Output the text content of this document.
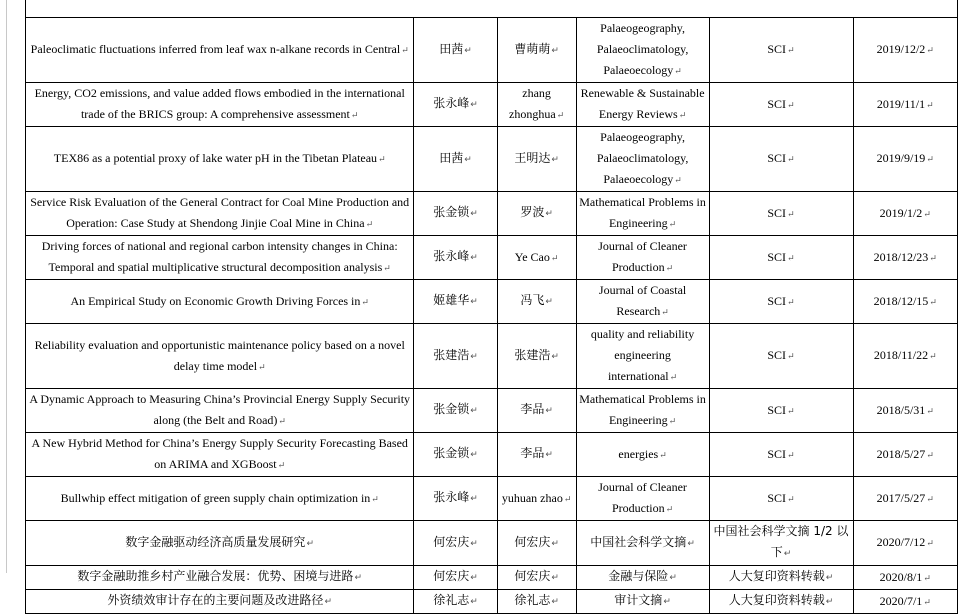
Paleoclimatic fluctuations inferred from leaf wax n-alkane records in Central↵	田茜↵	曹萌萌↵	Palaeogeography, Palaeoclimatology, Palaeoecology↵	SCI↵	2019/12/2↵
Energy, CO2 emissions, and value added flows embodied in the international trade of the BRICS group: A comprehensive assessment↵	张永峰↵	zhang zhonghua↵	Renewable & Sustainable Energy Reviews↵	SCI↵	2019/11/1↵
TEX86 as a potential proxy of lake water pH in the Tibetan Plateau↵	田茜↵	王明达↵	Palaeogeography, Palaeoclimatology, Palaeoecology↵	SCI↵	2019/9/19↵
Service Risk Evaluation of the General Contract for Coal Mine Production and Operation: Case Study at Shendong Jinjie Coal Mine in China↵	张金锁↵	罗波↵	Mathematical Problems in Engineering↵	SCI↵	2019/1/2↵
Driving forces of national and regional carbon intensity changes in China: Temporal and spatial multiplicative structural decomposition analysis↵	张永峰↵	Ye Cao↵	Journal of Cleaner Production↵	SCI↵	2018/12/23↵
An Empirical Study on Economic Growth Driving Forces in↵	姬雄华↵	冯飞↵	Journal of Coastal Research↵	SCI↵	2018/12/15↵
Reliability evaluation and opportunistic maintenance policy based on a novel delay time model↵	张建浩↵	张建浩↵	quality and reliability engineering international↵	SCI↵	2018/11/22↵
A Dynamic Approach to Measuring China’s Provincial Energy Supply Security along (the Belt and Road)↵	张金锁↵	李品↵	Mathematical Problems in Engineering↵	SCI↵	2018/5/31↵
A New Hybrid Method for China’s Energy Supply Security Forecasting Based on ARIMA and XGBoost↵	张金锁↵	李品↵	energies↵	SCI↵	2018/5/27↵
Bullwhip effect mitigation of green supply chain optimization in↵	张永峰↵	yuhuan zhao↵	Journal of Cleaner Production↵	SCI↵	2017/5/27↵
数字金融驱动经济高质量发展研究↵	何宏庆↵	何宏庆↵	中国社会科学文摘↵	中国社会科学文摘 1/2 以下↵	2020/7/12↵
数字金融助推乡村产业融合发展：优势、困境与进路↵	何宏庆↵	何宏庆↵	金融与保险↵	人大复印资料转载↵	2020/8/1↵
外资绩效审计存在的主要问题及改进路径↵	徐礼志↵	徐礼志↵	审计文摘↵	人大复印资料转载↵	2020/7/1↵
